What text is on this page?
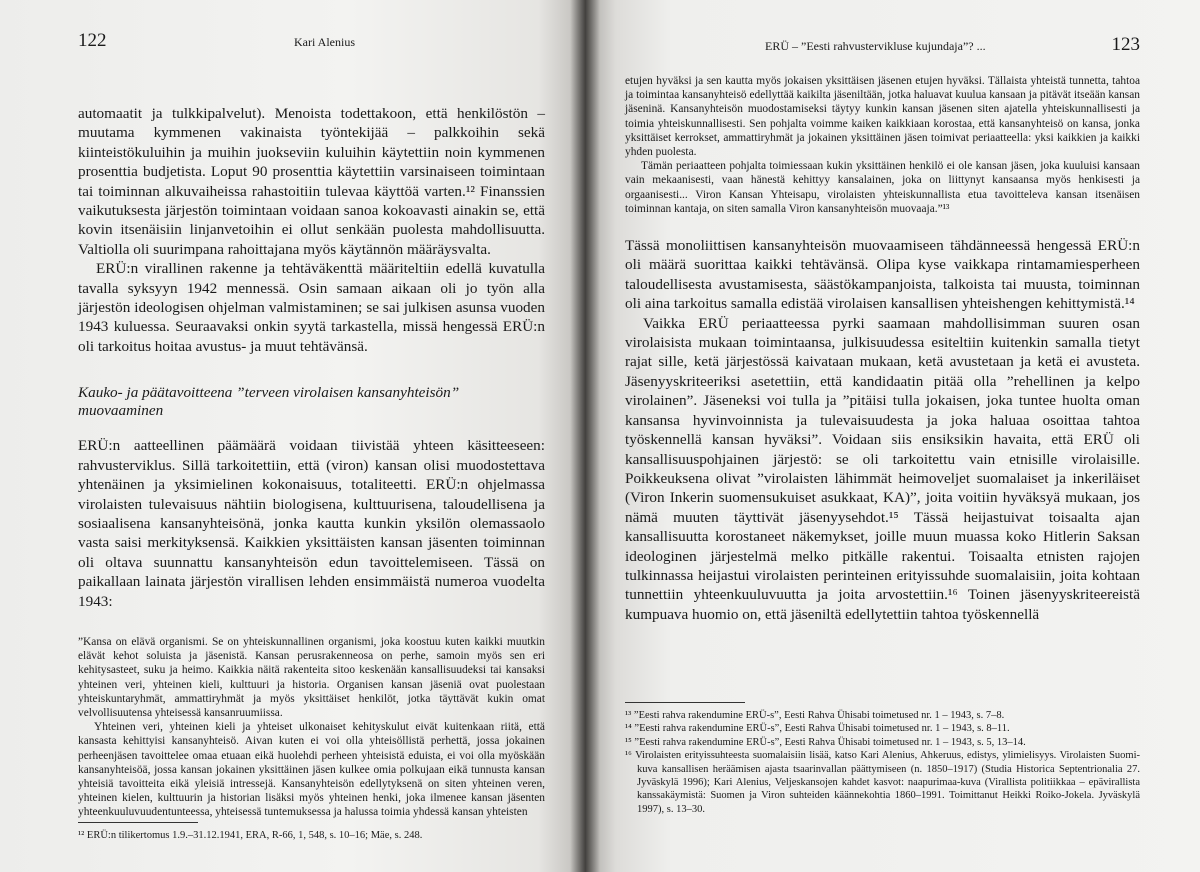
122	Kari Alenius

automaatit ja tulkkipalvelut). Menoista todettakoon, että henkilöstön – muutama kymmenen vakinaista työntekijää – palkkoihin sekä kiinteistökuluihin ja muihin juokseviin kuluihin käytettiin noin kymmenen prosenttia budjetista. Loput 90 prosenttia käytettiin varsinaiseen toimintaan tai toiminnan alkuvaiheissa rahastoitiin tulevaa käyttöä varten.¹² Finanssien vaikutuksesta järjestön toimintaan voidaan sanoa kokoavasti ainakin se, että kovin itsenäisiin linjanvetoihin ei ollut senkään puolesta mahdollisuutta. Valtiolla oli suurimpana rahoittajana myös käytännön määräysvalta.

ERÜ:n virallinen rakenne ja tehtäväkenttä määriteltiin edellä kuvatulla tavalla syksyyn 1942 mennessä. Osin samaan aikaan oli jo työn alla järjestön ideologisen ohjelman valmistaminen; se sai julkisen asunsa vuoden 1943 kuluessa. Seuraavaksi onkin syytä tarkastella, missä hengessä ERÜ:n oli tarkoitus hoitaa avustus- ja muut tehtävänsä.

Kauko- ja päätavoitteena ”terveen virolaisen kansanyhteisön” muovaaminen

ERÜ:n aatteellinen päämäärä voidaan tiivistää yhteen käsitteeseen: rahvusterviklus. Sillä tarkoitettiin, että (viron) kansan olisi muodostettava yhtenäinen ja yksimielinen kokonaisuus, totaliteetti. ERÜ:n ohjelmassa virolaisten tulevaisuus nähtiin biologisena, kulttuurisena, taloudellisena ja sosiaalisena kansanyhteisönä, jonka kautta kunkin yksilön olemassaolo vasta saisi merkityksensä. Kaikkien yksittäisten kansan jäsenten toiminnan oli oltava suunnattu kansanyhteisön edun tavoittelemiseen. Tässä on paikallaan lainata järjestön virallisen lehden ensimmäistä numeroa vuodelta 1943:

”Kansa on elävä organismi. Se on yhteiskunnallinen organismi, joka koostuu kuten kaikki muutkin elävät kehot soluista ja jäsenistä. Kansan perusrakenneosa on perhe, samoin myös sen eri kehitysasteet, suku ja heimo. Kaikkia näitä rakenteita sitoo keskenään kansallisuudeksi tai kansaksi yhteinen veri, yhteinen kieli, kulttuuri ja historia. Organisen kansan jäseniä ovat puolestaan yhteiskuntaryhmät, ammattiryhmät ja myös yksittäiset henkilöt, jotka täyttävät kukin omat velvollisuutensa yhteisessä kansanruumiissa.

Yhteinen veri, yhteinen kieli ja yhteiset ulkonaiset kehityskulut eivät kuitenkaan riitä, että kansasta kehittyisi kansanyhteisö. Aivan kuten ei voi olla yhteisöllistä perhettä, jossa jokainen perheenjäsen tavoittelee omaa etuaan eikä huolehdi perheen yhteisistä eduista, ei voi olla myöskään kansanyhteisöä, jossa kansan jokainen yksittäinen jäsen kulkee omia polkujaan eikä tunnusta kansan yhteisiä tavoitteita eikä yleisiä intressejä. Kansanyhteisön edellytyksenä on siten yhteinen veren, yhteinen kielen, kulttuurin ja historian lisäksi myös yhteinen henki, joka ilmenee kansan jäsenten yhteenkuuluvuudentunteessa, yhteisessä tuntemuksessa ja halussa toimia yhdessä kansan yhteisten

¹² ERÜ:n tilikertomus 1.9.–31.12.1941, ERA, R-66, 1, 548, s. 10–16; Mäe, s. 248.

ERÜ – ”Eesti rahvustervikluse kujundaja”? ...	123

etujen hyväksi ja sen kautta myös jokaisen yksittäisen jäsenen etujen hyväksi. Tällaista yhteistä tunnetta, tahtoa ja toimintaa kansanyhteisö edellyttää kaikilta jäseniltään, jotka haluavat kuulua kansaan ja pitävät itseään kansan jäseninä. Kansanyhteisön muodostamiseksi täytyy kunkin kansan jäsenen siten ajatella yhteiskunnallisesti ja toimia yhteiskunnallisesti. Sen pohjalta voimme kaiken kaikkiaan korostaa, että kansanyhteisö on kansa, jonka yksittäiset kerrokset, ammattiryhmät ja jokainen yksittäinen jäsen toimivat periaatteella: yksi kaikkien ja kaikki yhden puolesta.

Tämän periaatteen pohjalta toimiessaan kukin yksittäinen henkilö ei ole kansan jäsen, joka kuuluisi kansaan vain mekaanisesti, vaan hänestä kehittyy kansalainen, joka on liittynyt kansaansa myös henkisesti ja orgaanisesti... Viron Kansan Yhteisapu, virolaisten yhteiskunnallista etua tavoitteleva kansan itsenäisen toiminnan kantaja, on siten samalla Viron kansanyhteisön muovaaja.”¹³

Tässä monoliittisen kansanyhteisön muovaamiseen tähdänneessä hengessä ERÜ:n oli määrä suorittaa kaikki tehtävänsä. Olipa kyse vaikkapa rintamamiesperheen taloudellisesta avustamisesta, säästökampanjoista, talkoista tai muusta, toiminnan oli aina tarkoitus samalla edistää virolaisen kansallisen yhteishengen kehittymistä.¹⁴

Vaikka ERÜ periaatteessa pyrki saamaan mahdollisimman suuren osan virolaisista mukaan toimintaansa, julkisuudessa esiteltiin kuitenkin samalla tietyt rajat sille, ketä järjestössä kaivataan mukaan, ketä avustetaan ja ketä ei avusteta. Jäsenyyskriteeriksi asetettiin, että kandidaatin pitää olla ”rehellinen ja kelpo virolainen”. Jäseneksi voi tulla ja ”pitäisi tulla jokaisen, joka tuntee huolta oman kansansa hyvinvoinnista ja tulevaisuudesta ja joka haluaa osoittaa tahtoa työskennellä kansan hyväksi”. Voidaan siis ensiksikin havaita, että ERÜ oli kansallisuuspohjainen järjestö: se oli tarkoitettu vain etnisille virolaisille. Poikkeuksena olivat ”virolaisten lähimmät heimoveljet suomalaiset ja inkeriläiset (Viron Inkerin suomensukuiset asukkaat, KA)”, joita voitiin hyväksyä mukaan, jos nämä muuten täyttivät jäsenyysehdot.¹⁵ Tässä heijastuivat toisaalta ajan kansallisuutta korostaneet näkemykset, joille muun muassa koko Hitlerin Saksan ideologinen järjestelmä melko pitkälle rakentui. Toisaalta etnisten rajojen tulkinnassa heijastui virolaisten perinteinen erityissuhde suomalaisiin, joita kohtaan tunnettiin yhteenkuuluvuutta ja joita arvostettiin.¹⁶ Toinen jäsenyyskriteereistä kumpuava huomio on, että jäseniltä edellytettiin tahtoa työskennellä

¹³ ”Eesti rahva rakendumine ERÜ-s”, Eesti Rahva Ühisabi toimetused nr. 1 – 1943, s. 7–8.

¹⁴ ”Eesti rahva rakendumine ERÜ-s”, Eesti Rahva Ühisabi toimetused nr. 1 – 1943, s. 8–11.

¹⁵ ”Eesti rahva rakendumine ERÜ-s”, Eesti Rahva Ühisabi toimetused nr. 1 – 1943, s. 5, 13–14.

¹⁶ Virolaisten erityissuhteesta suomalaisiin lisää, katso Kari Alenius, Ahkeruus, edistys, ylimielisyys. Virolaisten Suomi-kuva kansallisen heräämisen ajasta tsaarinvallan päättymiseen (n. 1850–1917) (Studia Historica Septentrionalia 27. Jyväskylä 1996); Kari Alenius, Veljeskansojen kahdet kasvot: naapurimaa-kuva (Virallista politiikkaa – epävirallista kanssakäymistä: Suomen ja Viron suhteiden käännekohtia 1860–1991. Toimittanut Heikki Roiko-Jokela. Jyväskylä 1997), s. 13–30.
